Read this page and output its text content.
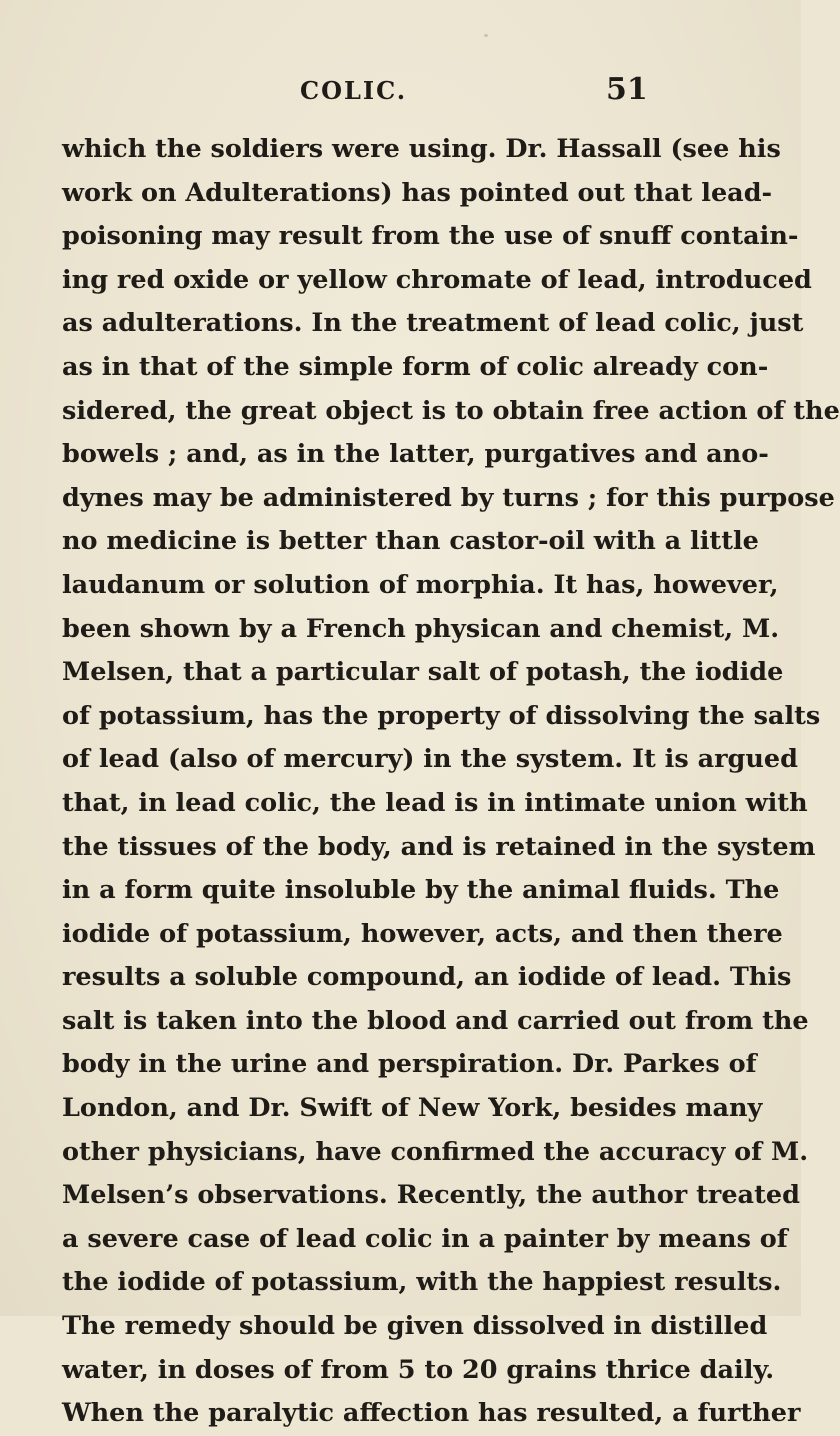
COLIC.	51
which the soldiers were using. Dr. Hassall (see his
work on Adulterations) has pointed out that lead-
poisoning may result from the use of snuff contain-
ing red oxide or yellow chromate of lead, introduced
as adulterations. In the treatment of lead colic, just
as in that of the simple form of colic already con-
sidered, the great object is to obtain free action of the
bowels ; and, as in the latter, purgatives and ano-
dynes may be administered by turns ; for this purpose
no medicine is better than castor-oil with a little
laudanum or solution of morphia. It has, however,
been shown by a French physican and chemist, M.
Melsen, that a particular salt of potash, the iodide
of potassium, has the property of dissolving the salts
of lead (also of mercury) in the system. It is argued
that, in lead colic, the lead is in intimate union with
the tissues of the body, and is retained in the system
in a form quite insoluble by the animal fluids. The
iodide of potassium, however, acts, and then there
results a soluble compound, an iodide of lead. This
salt is taken into the blood and carried out from the
body in the urine and perspiration. Dr. Parkes of
London, and Dr. Swift of New York, besides many
other physicians, have confirmed the accuracy of M.
Melsen’s observations. Recently, the author treated
a severe case of lead colic in a painter by means of
the iodide of potassium, with the happiest results.
The remedy should be given dissolved in distilled
water, in doses of from 5 to 20 grains thrice daily.
When the paralytic affection has resulted, a further
